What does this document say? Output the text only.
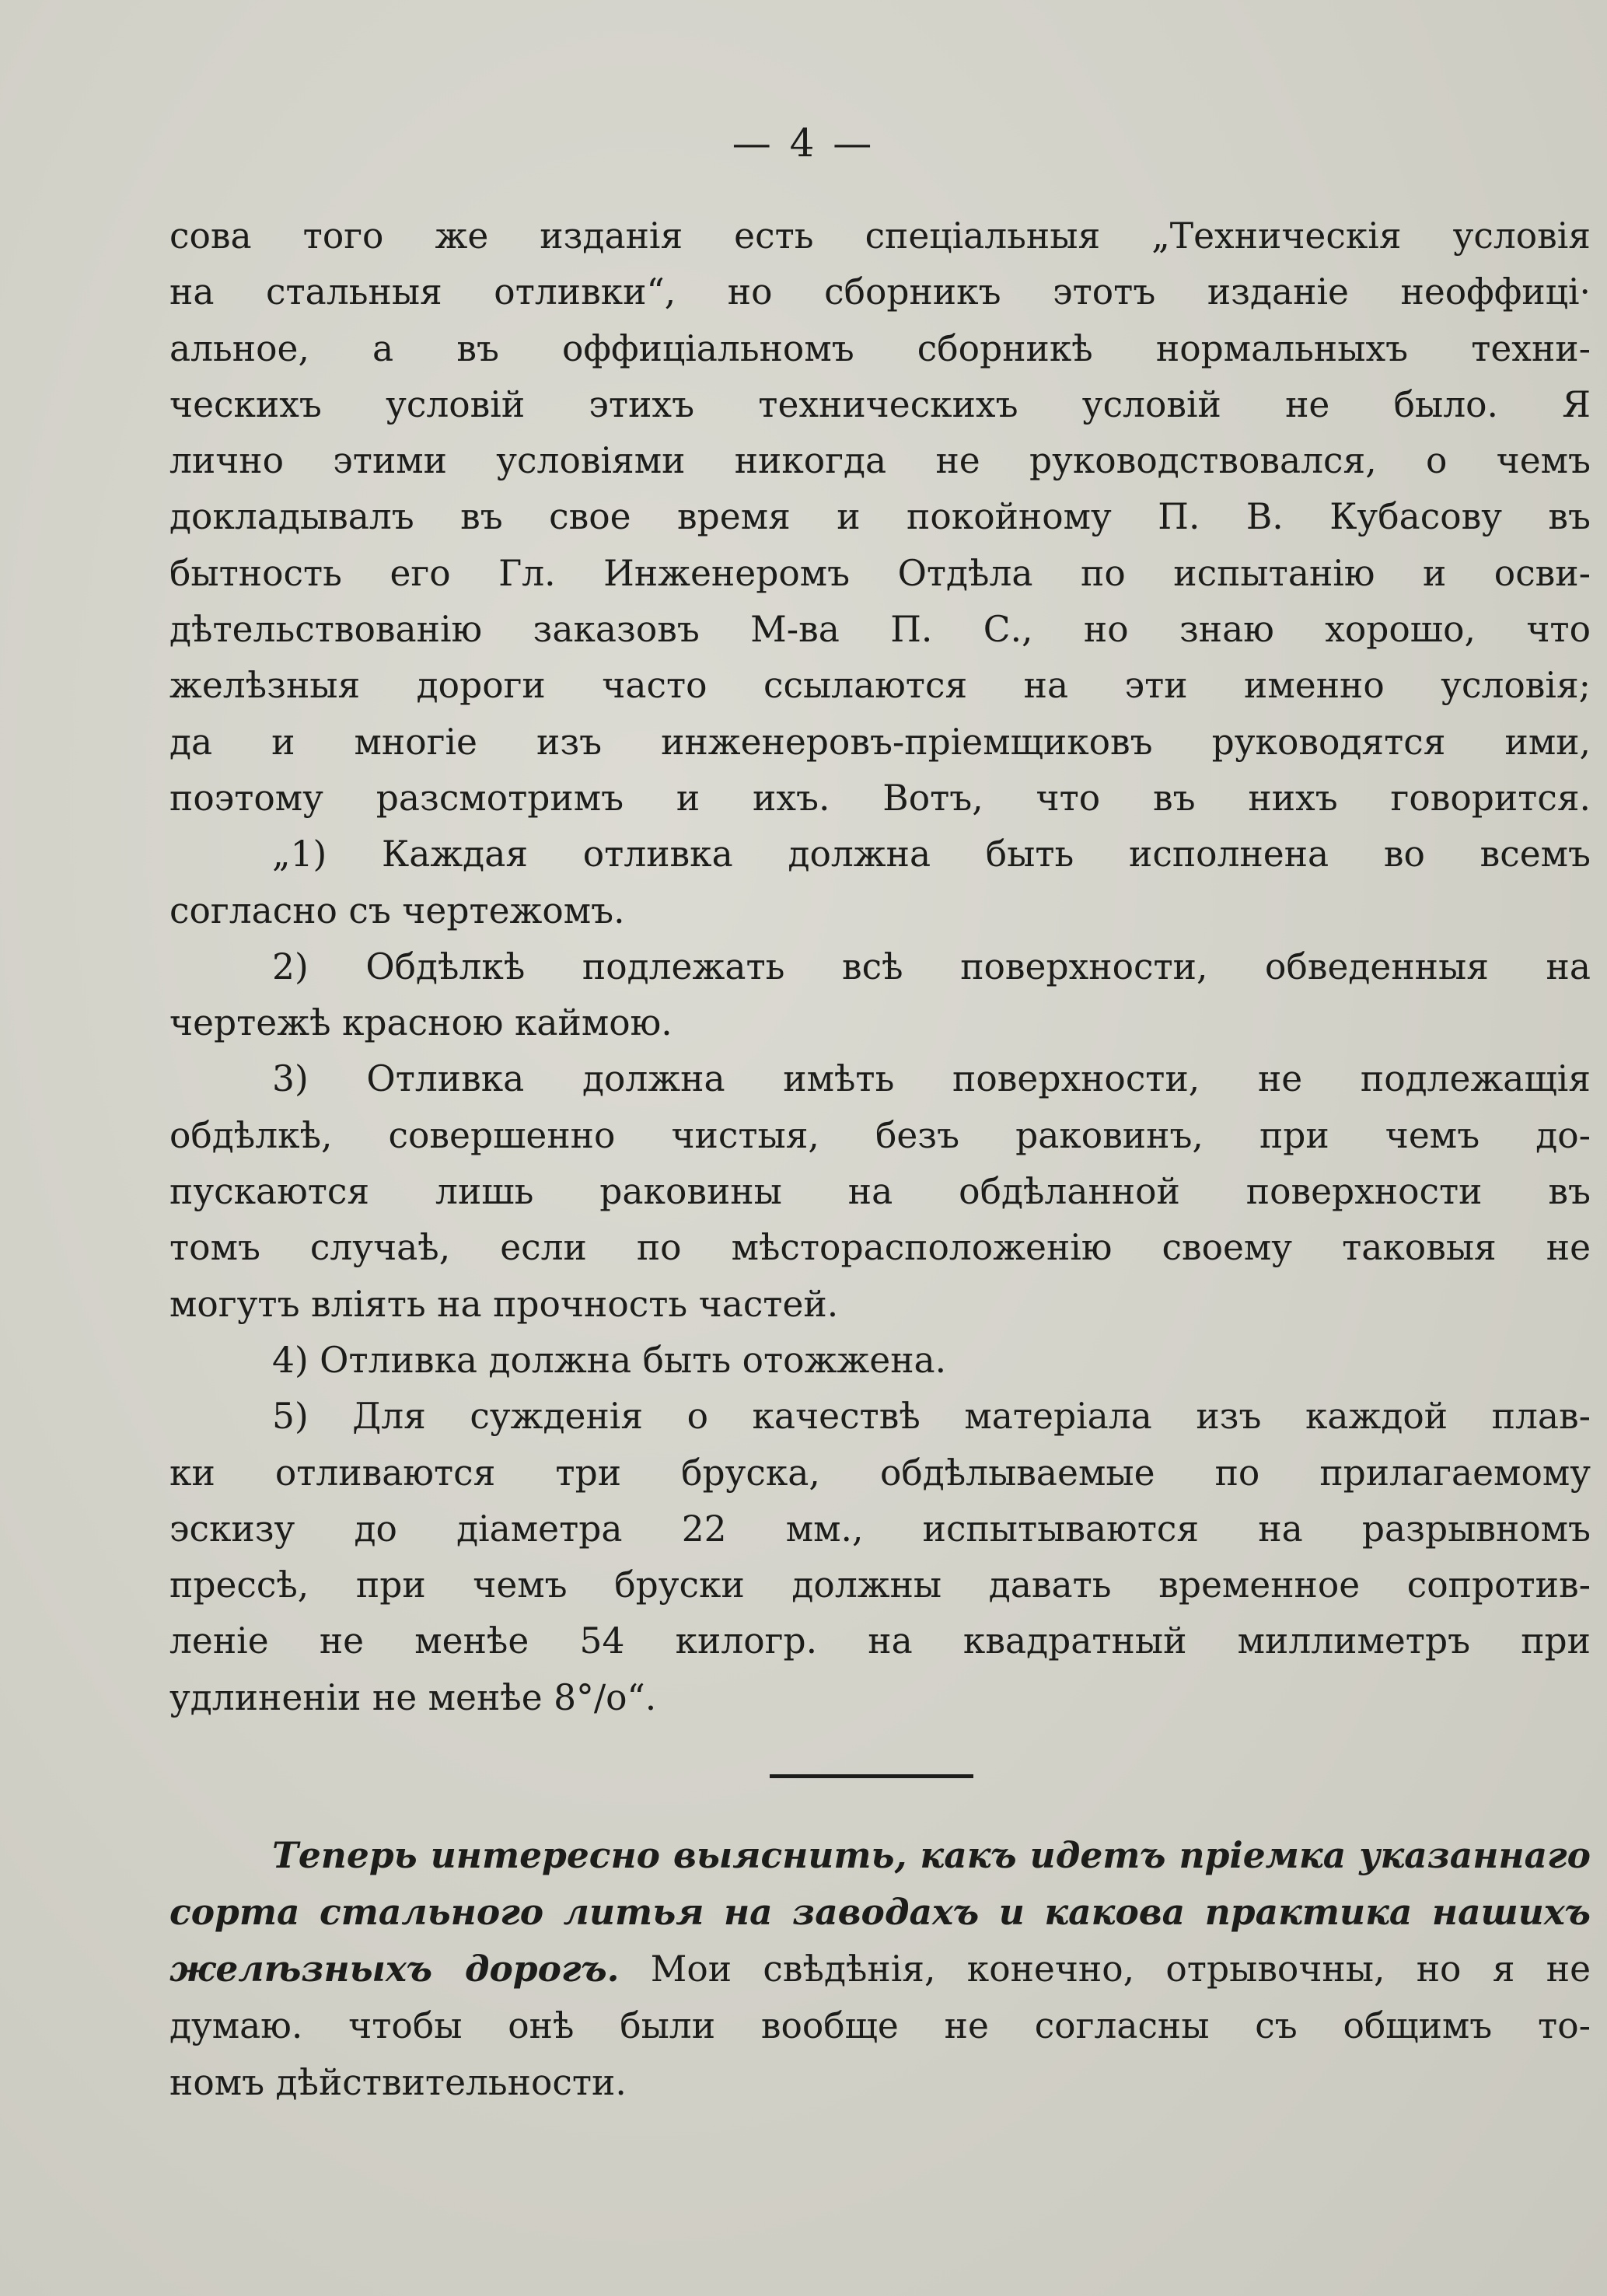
— 4 —
сова того же изданія есть спеціальныя „Техническія условія
на стальныя отливки“, но сборникъ этотъ изданіе неоффиці·
альное, а въ оффиціальномъ сборникѣ нормальныхъ техни-
ческихъ условій этихъ техническихъ условій не было. Я
лично этими условіями никогда не руководствовался, о чемъ
докладывалъ въ свое время и покойному П. В. Кубасову въ
бытность его Гл. Инженеромъ Отдѣла по испытанію и осви-
дѣтельствованію заказовъ М-ва П. С., но знаю хорошо, что
желѣзныя дороги часто ссылаются на эти именно условія;
да и многіе изъ инженеровъ-пріемщиковъ руководятся ими,
поэтому разсмотримъ и ихъ. Вотъ, что въ нихъ говорится.
„1) Каждая отливка должна быть исполнена во всемъ
согласно съ чертежомъ.
2) Обдѣлкѣ подлежать всѣ поверхности, обведенныя на
чертежѣ красною каймою.
3) Отливка должна имѣть поверхности, не подлежащія
обдѣлкѣ, совершенно чистыя, безъ раковинъ, при чемъ до-
пускаются лишь раковины на обдѣланной поверхности въ
томъ случаѣ, если по мѣсторасположенію своему таковыя не
могутъ вліять на прочность частей.
4) Отливка должна быть отожжена.
5) Для сужденія о качествѣ матеріала изъ каждой плав-
ки отливаются три бруска, обдѣлываемые по прилагаемому
эскизу до діаметра 22 мм., испытываются на разрывномъ
прессѣ, при чемъ бруски должны давать временное сопротив-
леніе не менѣе 54 килогр. на квадратный миллиметръ при
удлиненіи не менѣе 8°/о“.
Теперь интересно выяснить, какъ идетъ пріемка указаннаго
сорта стального литья на заводахъ и какова практика нашихъ
желѣзныхъ дорогъ. Мои свѣдѣнія, конечно, отрывочны, но я не
думаю. чтобы онѣ были вообще не согласны съ общимъ то-
номъ дѣйствительности.
